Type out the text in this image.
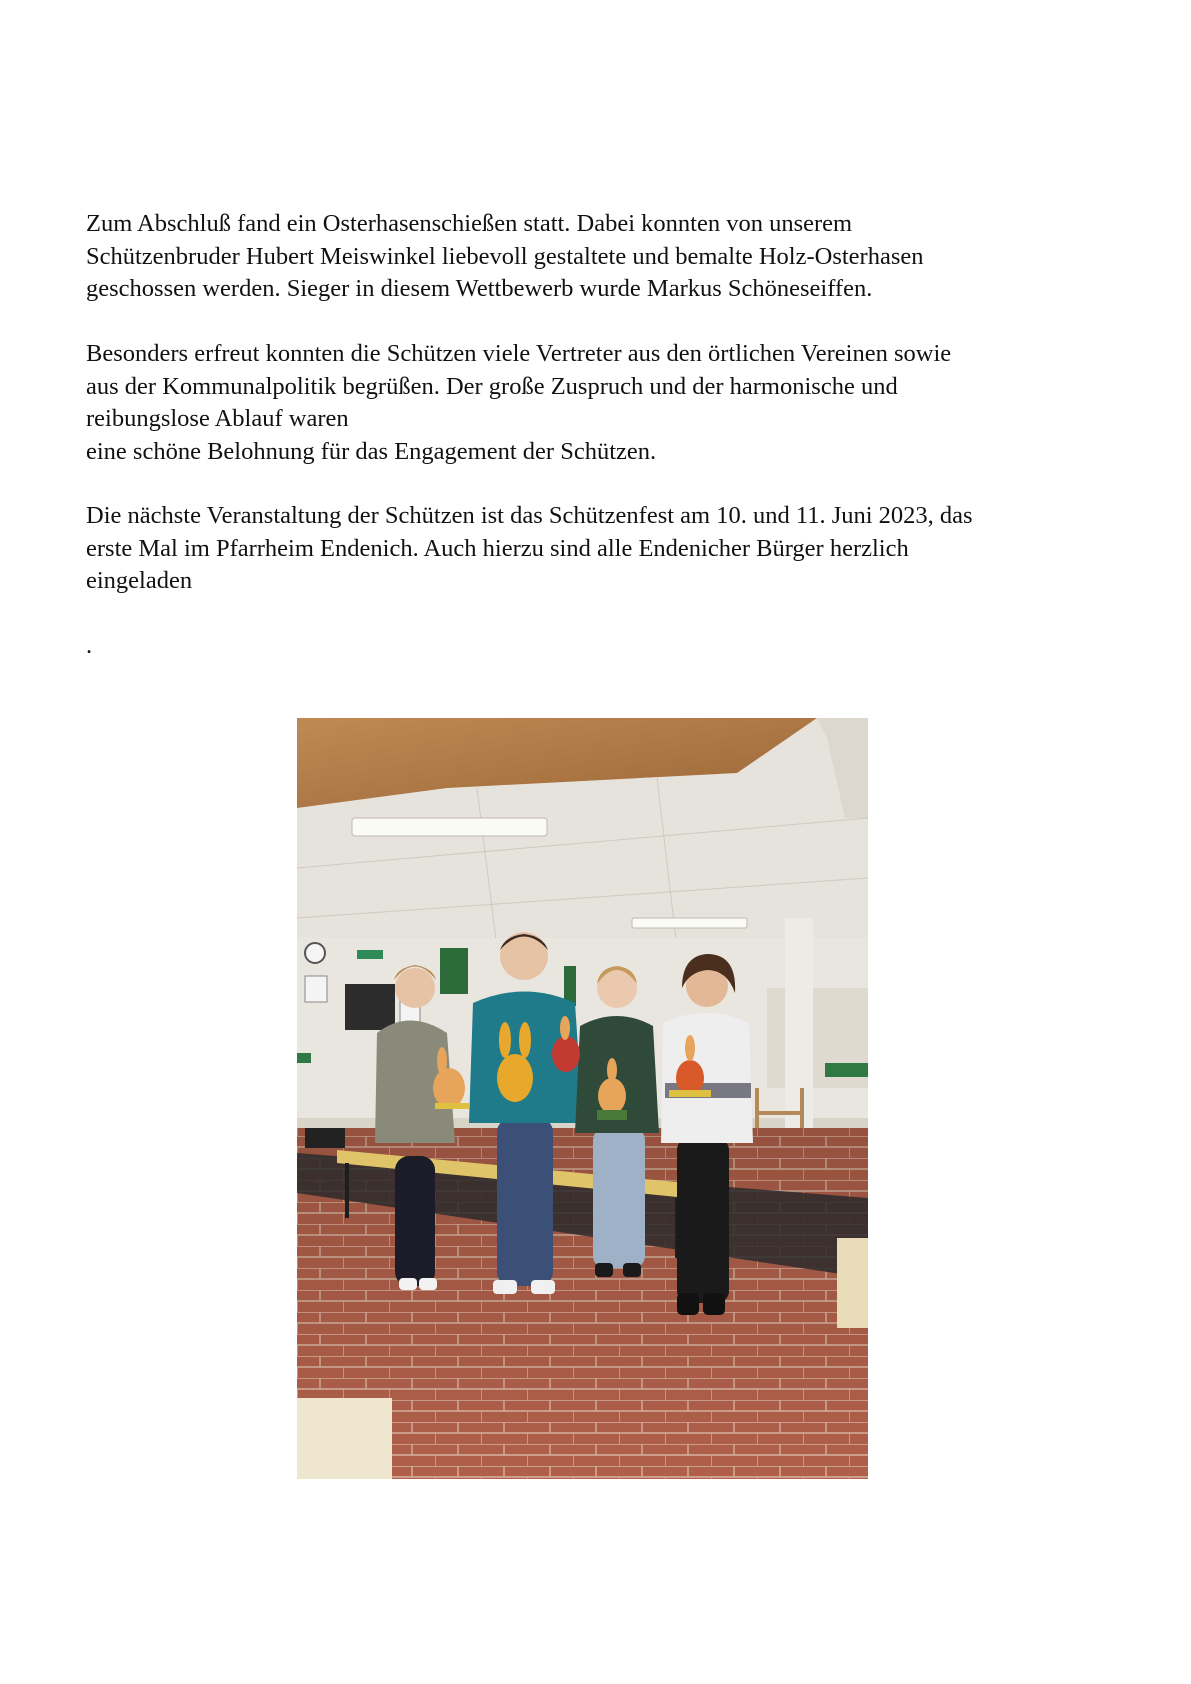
Zum Abschluß fand ein Osterhasenschießen statt. Dabei konnten von unserem
Schützenbruder Hubert Meiswinkel liebevoll gestaltete und bemalte Holz-Osterhasen
geschossen werden. Sieger in diesem Wettbewerb wurde Markus Schöneseiffen.
Besonders erfreut konnten die Schützen viele Vertreter aus den örtlichen Vereinen sowie
aus der Kommunalpolitik begrüßen. Der große Zuspruch und der harmonische und
reibungslose Ablauf waren
eine schöne Belohnung für das Engagement der Schützen.
Die nächste Veranstaltung der Schützen ist das Schützenfest am 10. und 11. Juni 2023, das
erste Mal im Pfarrheim Endenich. Auch hierzu sind alle Endenicher Bürger herzlich
eingeladen
.
